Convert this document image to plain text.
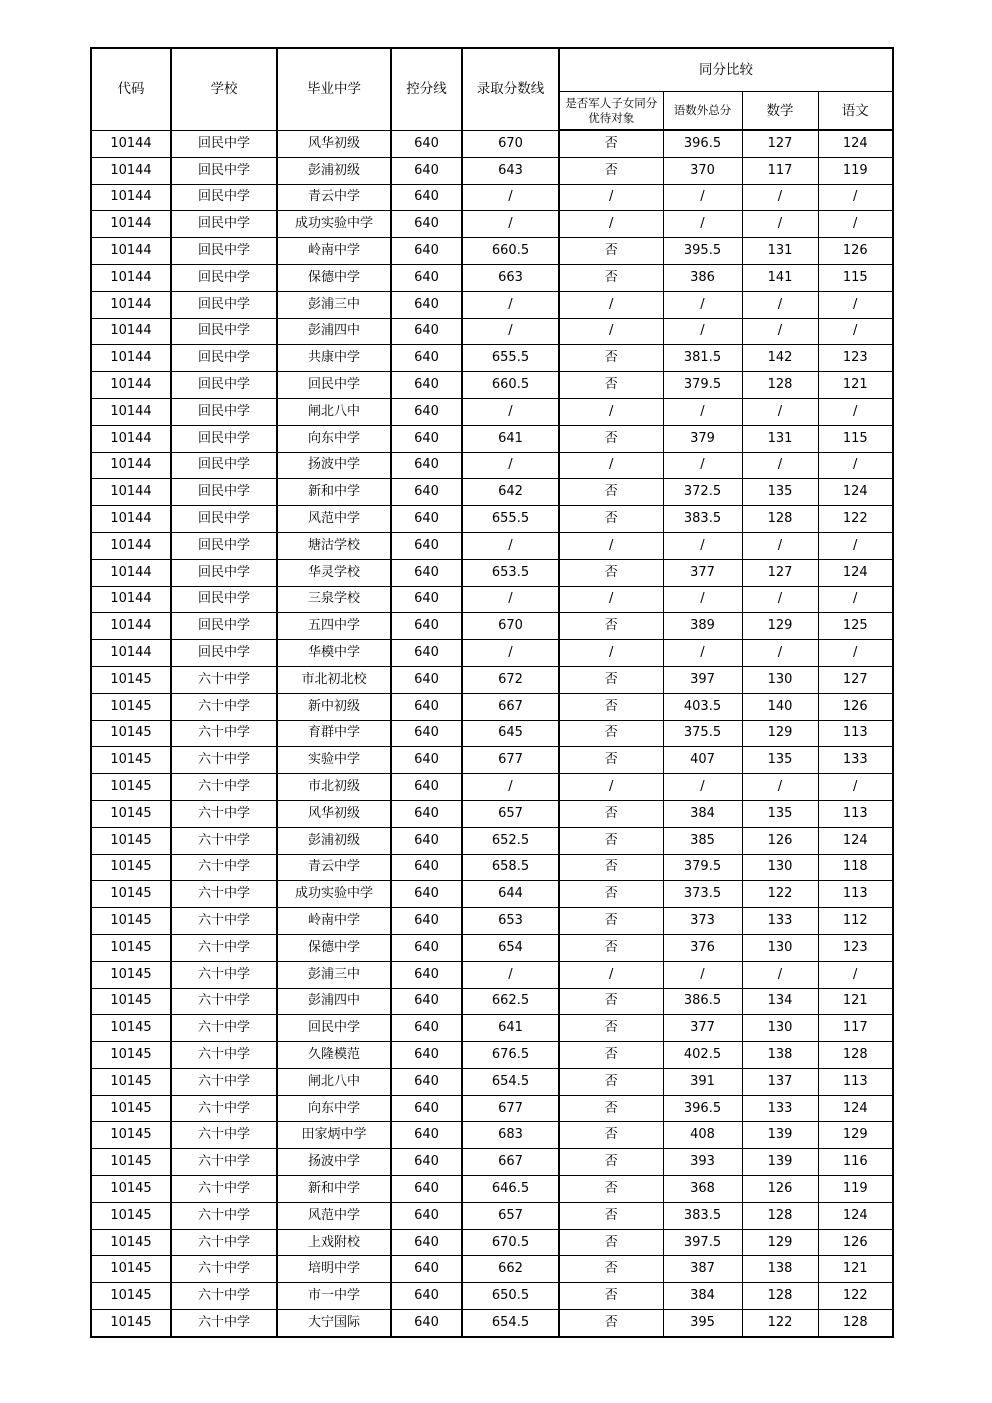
代码	学校	毕业中学	控分线	录取分数线	同分比较			
					是否军人子女同分优待对象	语数外总分	数学	语文
10144	回民中学	风华初级	640	670	否	396.5	127	124
10144	回民中学	彭浦初级	640	643	否	370	117	119
10144	回民中学	青云中学	640	/	/	/	/	/
10144	回民中学	成功实验中学	640	/	/	/	/	/
10144	回民中学	岭南中学	640	660.5	否	395.5	131	126
10144	回民中学	保德中学	640	663	否	386	141	115
10144	回民中学	彭浦三中	640	/	/	/	/	/
10144	回民中学	彭浦四中	640	/	/	/	/	/
10144	回民中学	共康中学	640	655.5	否	381.5	142	123
10144	回民中学	回民中学	640	660.5	否	379.5	128	121
10144	回民中学	闸北八中	640	/	/	/	/	/
10144	回民中学	向东中学	640	641	否	379	131	115
10144	回民中学	扬波中学	640	/	/	/	/	/
10144	回民中学	新和中学	640	642	否	372.5	135	124
10144	回民中学	风范中学	640	655.5	否	383.5	128	122
10144	回民中学	塘沽学校	640	/	/	/	/	/
10144	回民中学	华灵学校	640	653.5	否	377	127	124
10144	回民中学	三泉学校	640	/	/	/	/	/
10144	回民中学	五四中学	640	670	否	389	129	125
10144	回民中学	华模中学	640	/	/	/	/	/
10145	六十中学	市北初北校	640	672	否	397	130	127
10145	六十中学	新中初级	640	667	否	403.5	140	126
10145	六十中学	育群中学	640	645	否	375.5	129	113
10145	六十中学	实验中学	640	677	否	407	135	133
10145	六十中学	市北初级	640	/	/	/	/	/
10145	六十中学	风华初级	640	657	否	384	135	113
10145	六十中学	彭浦初级	640	652.5	否	385	126	124
10145	六十中学	青云中学	640	658.5	否	379.5	130	118
10145	六十中学	成功实验中学	640	644	否	373.5	122	113
10145	六十中学	岭南中学	640	653	否	373	133	112
10145	六十中学	保德中学	640	654	否	376	130	123
10145	六十中学	彭浦三中	640	/	/	/	/	/
10145	六十中学	彭浦四中	640	662.5	否	386.5	134	121
10145	六十中学	回民中学	640	641	否	377	130	117
10145	六十中学	久隆模范	640	676.5	否	402.5	138	128
10145	六十中学	闸北八中	640	654.5	否	391	137	113
10145	六十中学	向东中学	640	677	否	396.5	133	124
10145	六十中学	田家炳中学	640	683	否	408	139	129
10145	六十中学	扬波中学	640	667	否	393	139	116
10145	六十中学	新和中学	640	646.5	否	368	126	119
10145	六十中学	风范中学	640	657	否	383.5	128	124
10145	六十中学	上戏附校	640	670.5	否	397.5	129	126
10145	六十中学	培明中学	640	662	否	387	138	121
10145	六十中学	市一中学	640	650.5	否	384	128	122
10145	六十中学	大宁国际	640	654.5	否	395	122	128
